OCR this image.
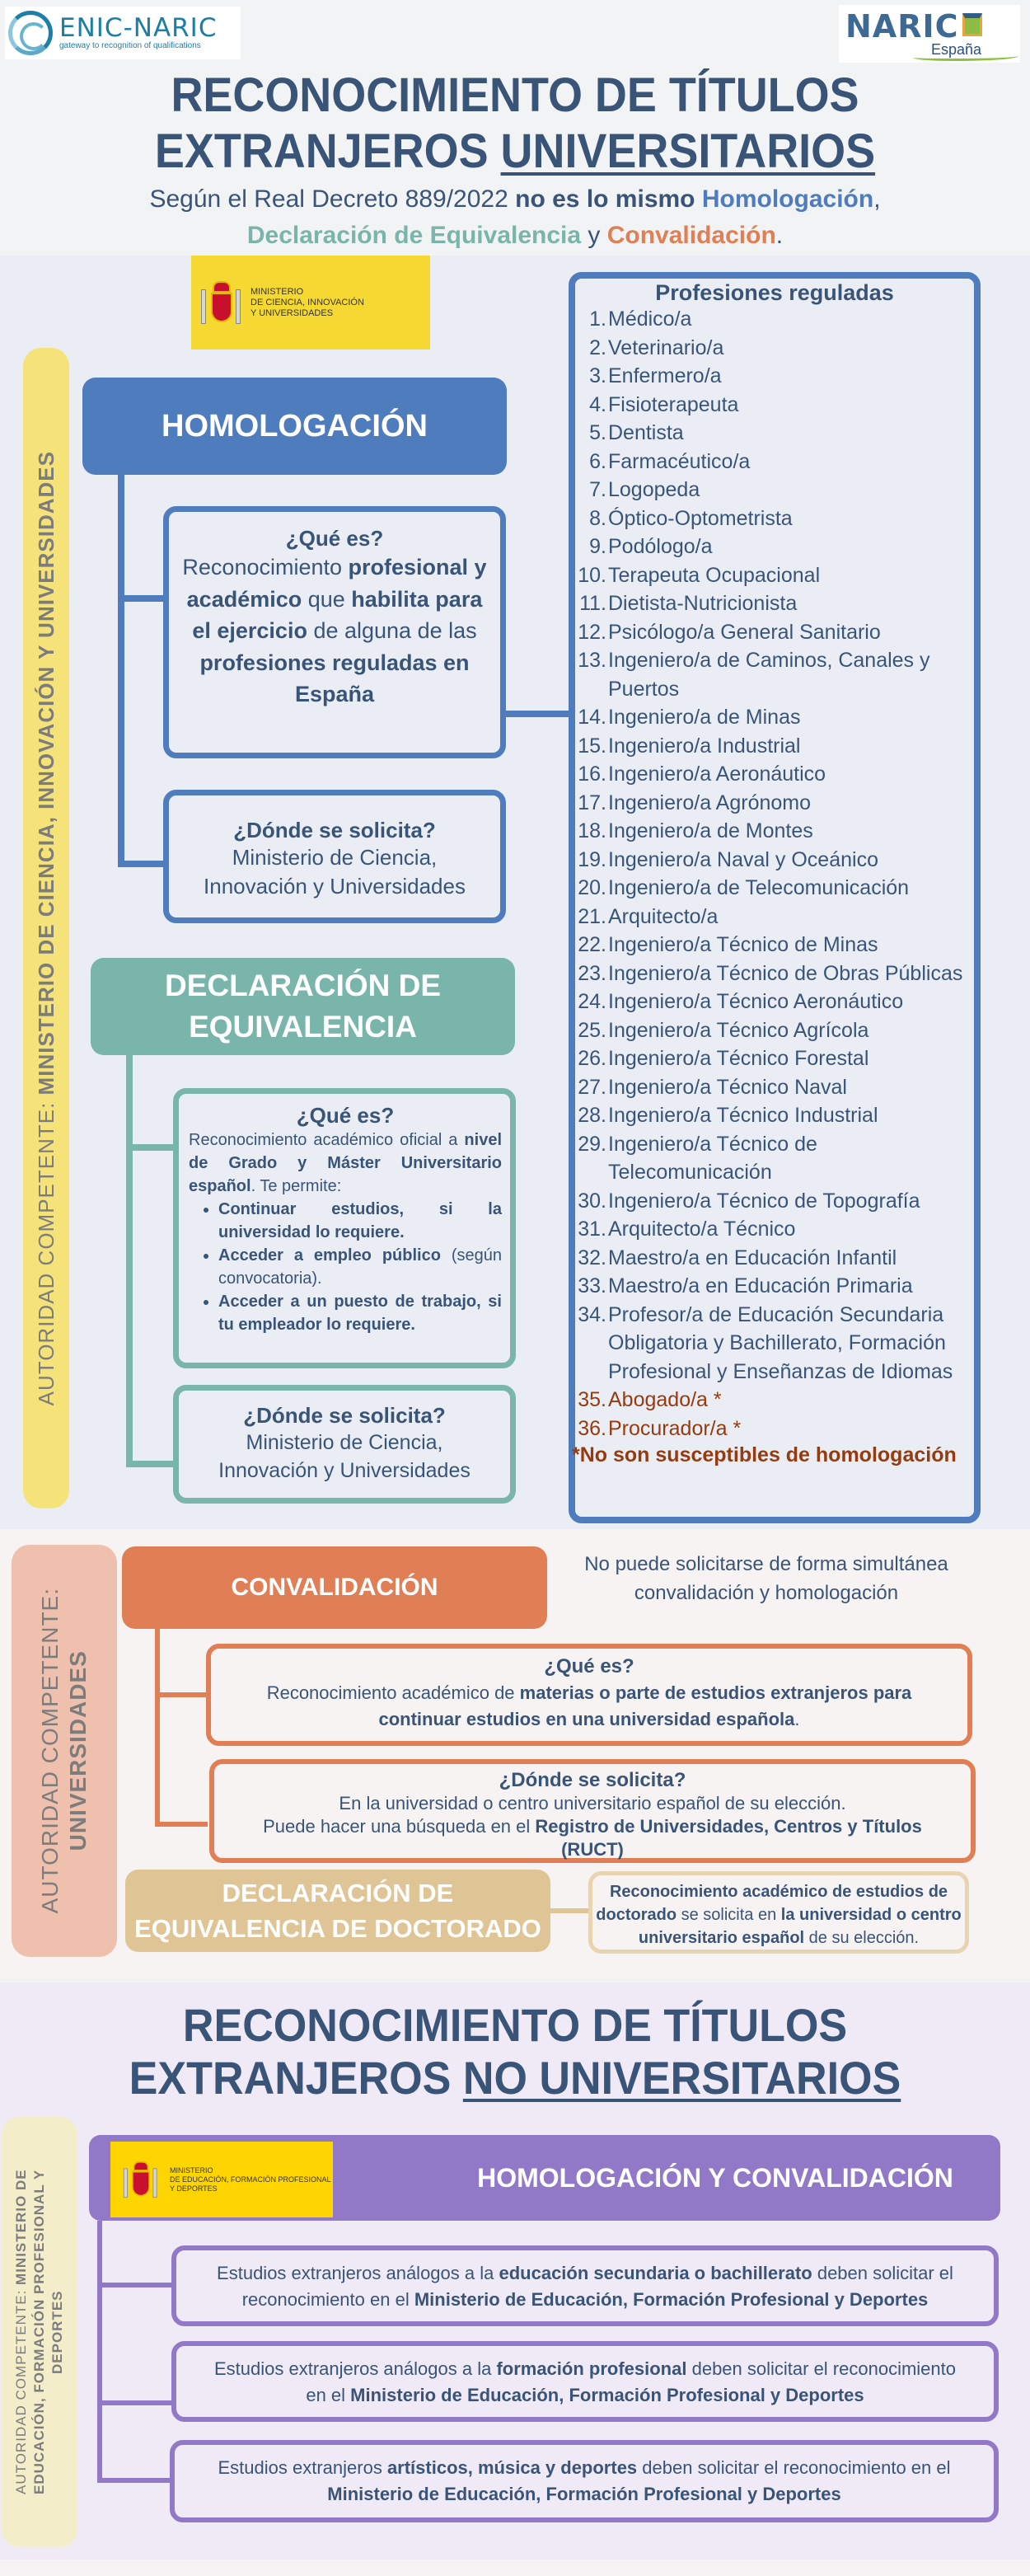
ENIC-NARIC
gateway to recognition of qualifications
NARIC
España
RECONOCIMIENTO DE TÍTULOS
EXTRANJEROS UNIVERSITARIOS
Según el Real Decreto 889/2022 no es lo mismo Homologación,
Declaración de Equivalencia y Convalidación.
MINISTERIO
DE CIENCIA, INNOVACIÓN
Y UNIVERSIDADES
AUTORIDAD COMPETENTE: MINISTERIO DE CIENCIA, INNOVACIÓN Y UNIVERSIDADES
HOMOLOGACIÓN
¿Qué es?
Reconocimiento profesional y académico que habilita para el ejercicio de alguna de las profesiones reguladas en España
¿Dónde se solicita?
Ministerio de Ciencia, Innovación y Universidades
DECLARACIÓN DE
EQUIVALENCIA
¿Qué es?
Reconocimiento académico oficial a nivel de Grado y Máster Universitario español. Te permite:
• Continuar estudios, si la universidad lo requiere.
• Acceder a empleo público (según convocatoria).
• Acceder a un puesto de trabajo, si tu empleador lo requiere.
¿Dónde se solicita?
Ministerio de Ciencia, Innovación y Universidades
Profesiones reguladas
1. Médico/a
2. Veterinario/a
3. Enfermero/a
4. Fisioterapeuta
5. Dentista
6. Farmacéutico/a
7. Logopeda
8. Óptico-Optometrista
9. Podólogo/a
10. Terapeuta Ocupacional
11. Dietista-Nutricionista
12. Psicólogo/a General Sanitario
13. Ingeniero/a de Caminos, Canales y Puertos
14. Ingeniero/a de Minas
15. Ingeniero/a Industrial
16. Ingeniero/a Aeronáutico
17. Ingeniero/a Agrónomo
18. Ingeniero/a de Montes
19. Ingeniero/a Naval y Oceánico
20. Ingeniero/a de Telecomunicación
21. Arquitecto/a
22. Ingeniero/a Técnico de Minas
23. Ingeniero/a Técnico de Obras Públicas
24. Ingeniero/a Técnico Aeronáutico
25. Ingeniero/a Técnico Agrícola
26. Ingeniero/a Técnico Forestal
27. Ingeniero/a Técnico Naval
28. Ingeniero/a Técnico Industrial
29. Ingeniero/a Técnico de Telecomunicación
30. Ingeniero/a Técnico de Topografía
31. Arquitecto/a Técnico
32. Maestro/a en Educación Infantil
33. Maestro/a en Educación Primaria
34. Profesor/a de Educación Secundaria Obligatoria y Bachillerato, Formación Profesional y Enseñanzas de Idiomas
35. Abogado/a *
36. Procurador/a *
*No son susceptibles de homologación
AUTORIDAD COMPETENTE: UNIVERSIDADES
CONVALIDACIÓN
No puede solicitarse de forma simultánea convalidación y homologación
¿Qué es?
Reconocimiento académico de materias o parte de estudios extranjeros para continuar estudios en una universidad española.
¿Dónde se solicita?
En la universidad o centro universitario español de su elección.
Puede hacer una búsqueda en el Registro de Universidades, Centros y Títulos (RUCT)
DECLARACIÓN DE
EQUIVALENCIA DE DOCTORADO
Reconocimiento académico de estudios de doctorado se solicita en la universidad o centro universitario español de su elección.
RECONOCIMIENTO DE TÍTULOS
EXTRANJEROS NO UNIVERSITARIOS
AUTORIDAD COMPETENTE: MINISTERIO DE EDUCACIÓN, FORMACIÓN PROFESIONAL Y DEPORTES
MINISTERIO
DE EDUCACIÓN, FORMACIÓN PROFESIONAL
Y DEPORTES	HOMOLOGACIÓN Y CONVALIDACIÓN
Estudios extranjeros análogos a la educación secundaria o bachillerato deben solicitar el reconocimiento en el Ministerio de Educación, Formación Profesional y Deportes
Estudios extranjeros análogos a la formación profesional deben solicitar el reconocimiento en el Ministerio de Educación, Formación Profesional y Deportes
Estudios extranjeros artísticos, música y deportes deben solicitar el reconocimiento en el Ministerio de Educación, Formación Profesional y Deportes
